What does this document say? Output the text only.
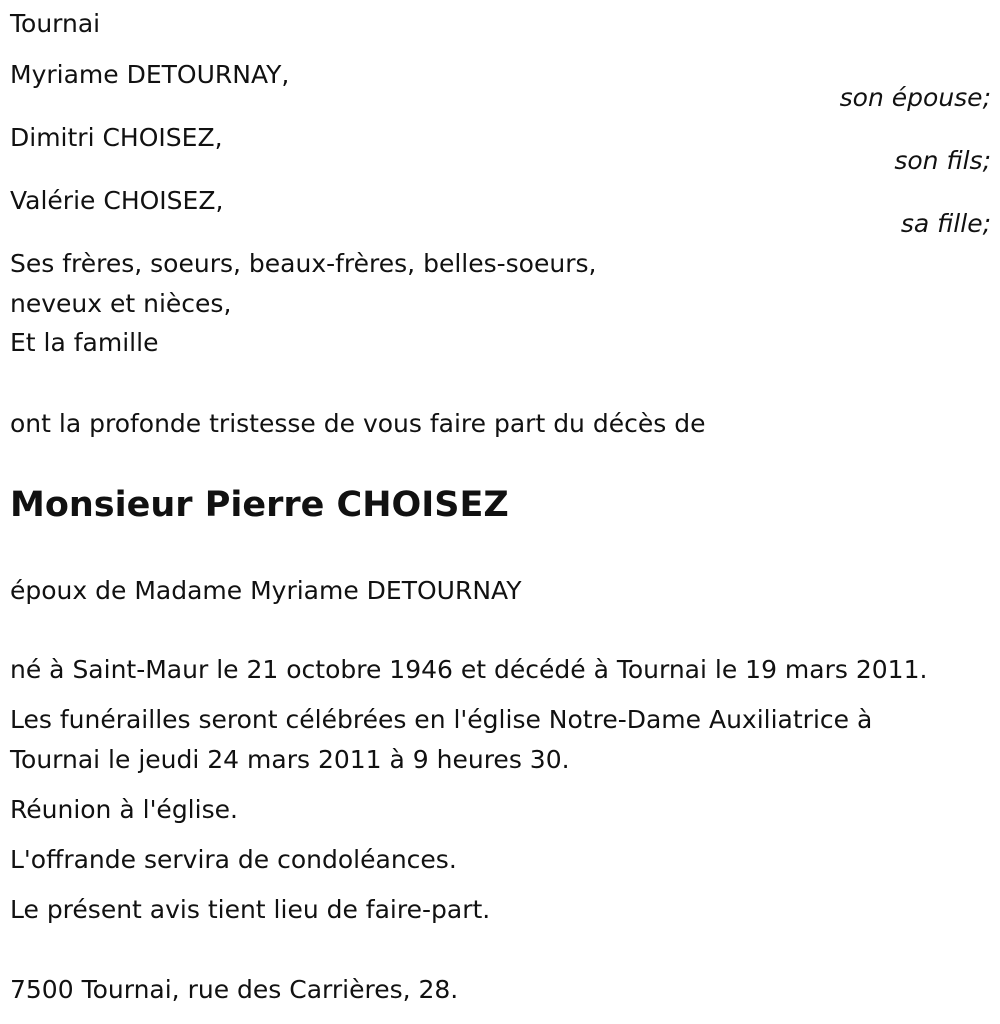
Tournai
Myriame DETOURNAY,
son épouse;
Dimitri CHOISEZ,
son fils;
Valérie CHOISEZ,
sa fille;
Ses frères, soeurs, beaux-frères, belles-soeurs,
neveux et nièces,
Et la famille
ont la profonde tristesse de vous faire part du décès de
Monsieur Pierre CHOISEZ
époux de Madame Myriame DETOURNAY
né à Saint-Maur le 21 octobre 1946 et décédé à Tournai le 19 mars 2011.
Les funérailles seront célébrées en l'église Notre-Dame Auxiliatrice à
Tournai le jeudi 24 mars 2011 à 9 heures 30.
Réunion à l'église.
L'offrande servira de condoléances.
Le présent avis tient lieu de faire-part.
7500 Tournai, rue des Carrières, 28.
